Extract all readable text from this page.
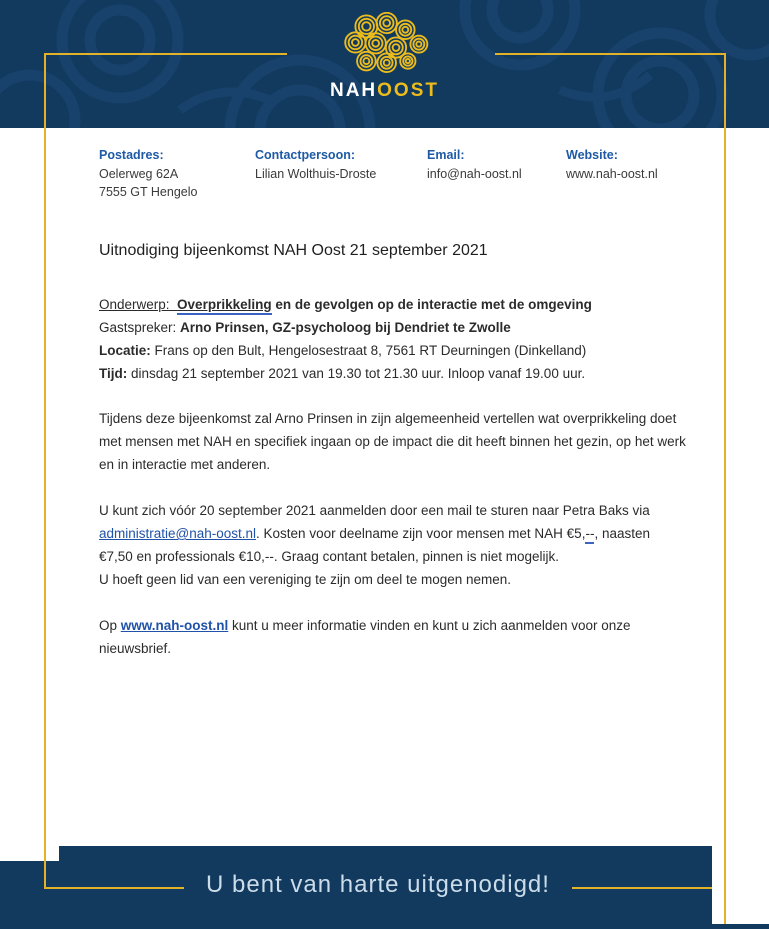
NAHOOST
Postadres:
Oelerweg 62A
7555 GT Hengelo
Contactpersoon:
Lilian Wolthuis-Droste
Email:
info@nah-oost.nl
Website:
www.nah-oost.nl
Uitnodiging bijeenkomst NAH Oost 21 september 2021

Onderwerp:  Overprikkeling en de gevolgen op de interactie met de omgeving

Gastspreker: Arno Prinsen, GZ-psycholoog bij Dendriet te Zwolle

Locatie: Frans op den Bult, Hengelosestraat 8, 7561 RT Deurningen (Dinkelland)

Tijd: dinsdag 21 september 2021 van 19.30 tot 21.30 uur. Inloop vanaf 19.00 uur.

Tijdens deze bijeenkomst zal Arno Prinsen in zijn algemeenheid vertellen wat overprikkeling doet met mensen met NAH en specifiek ingaan op de impact die dit heeft binnen het gezin, op het werk en in interactie met anderen.

U kunt zich vóór 20 september 2021 aanmelden door een mail te sturen naar Petra Baks via administratie@nah-oost.nl. Kosten voor deelname zijn voor mensen met NAH €5,--, naasten €7,50 en professionals €10,--. Graag contant betalen, pinnen is niet mogelijk.
U hoeft geen lid van een vereniging te zijn om deel te mogen nemen.

Op www.nah-oost.nl kunt u meer informatie vinden en kunt u zich aanmelden voor onze nieuwsbrief.

U bent van harte uitgenodigd!
